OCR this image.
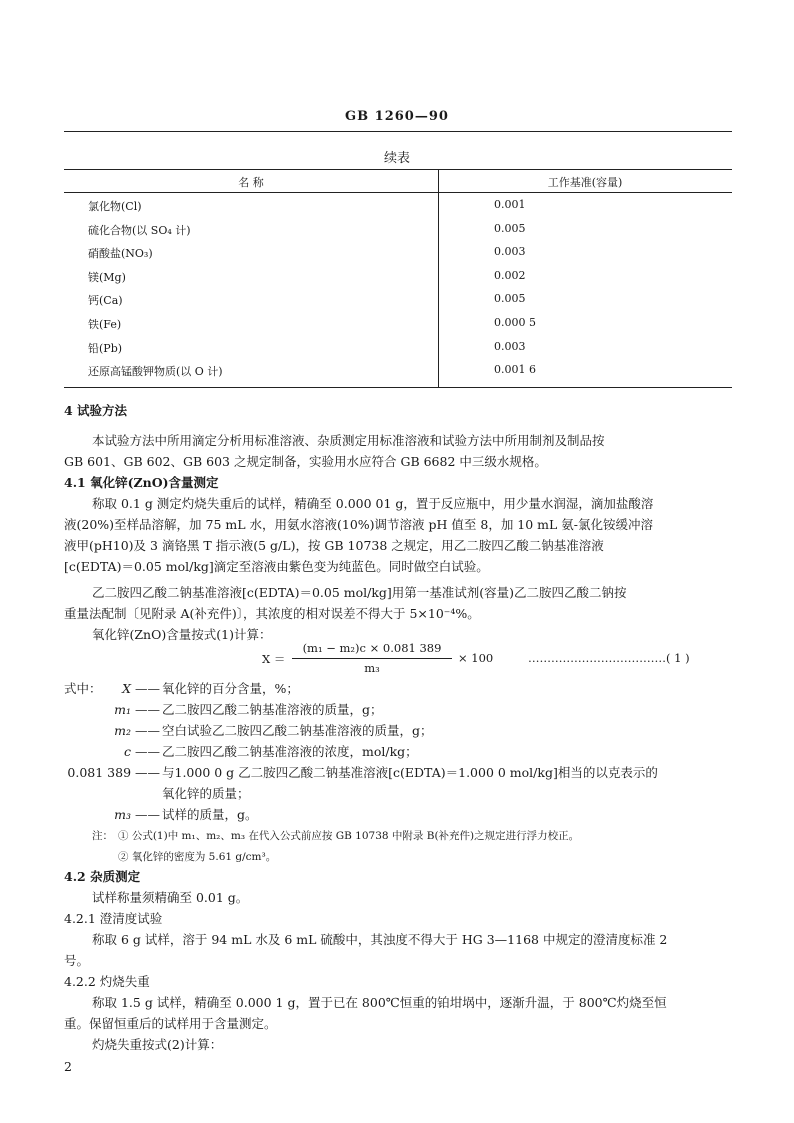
GB 1260—90
续表
名 称	工作基准(容量)
氯化物(Cl)	0.001
硫化合物(以 SO₄ 计)	0.005
硝酸盐(NO₃)	0.003
镁(Mg)	0.002
钙(Ca)	0.005
铁(Fe)	0.000 5
铅(Pb)	0.003
还原高锰酸钾物质(以 O 计)	0.001 6
4 试验方法
本试验方法中所用滴定分析用标准溶液、杂质测定用标准溶液和试验方法中所用制剂及制品按
GB 601、GB 602、GB 603 之规定制备，实验用水应符合 GB 6682 中三级水规格。
4.1 氧化锌(ZnO)含量测定
称取 0.1 g 测定灼烧失重后的试样，精确至 0.000 01 g，置于反应瓶中，用少量水润湿，滴加盐酸溶
液(20%)至样品溶解，加 75 mL 水，用氨水溶液(10%)调节溶液 pH 值至 8，加 10 mL 氨-氯化铵缓冲溶
液甲(pH10)及 3 滴铬黑 T 指示液(5 g/L)，按 GB 10738 之规定，用乙二胺四乙酸二钠基准溶液
[c(EDTA)＝0.05 mol/kg]滴定至溶液由紫色变为纯蓝色。同时做空白试验。
乙二胺四乙酸二钠基准溶液[c(EDTA)＝0.05 mol/kg]用第一基准试剂(容量)乙二胺四乙酸二钠按
重量法配制〔见附录 A(补充件)〕，其浓度的相对误差不得大于 5×10⁻⁴%。
氧化锌(ZnO)含量按式(1)计算：
X ＝
(m₁ − m₂)c × 0.081 389
m₃
× 100	………………………………( 1 )
式中：	X —— 氧化锌的百分含量，%；
m₁ —— 乙二胺四乙酸二钠基准溶液的质量，g；
m₂ —— 空白试验乙二胺四乙酸二钠基准溶液的质量，g；
c —— 乙二胺四乙酸二钠基准溶液的浓度，mol/kg；
0.081 389 —— 与1.000 0 g 乙二胺四乙酸二钠基准溶液[c(EDTA)＝1.000 0 mol/kg]相当的以克表示的
氧化锌的质量；
m₃ —— 试样的质量，g。
注： ① 公式(1)中 m₁、m₂、m₃ 在代入公式前应按 GB 10738 中附录 B(补充件)之规定进行浮力校正。
② 氧化锌的密度为 5.61 g/cm³。
4.2 杂质测定
试样称量须精确至 0.01 g。
4.2.1 澄清度试验
称取 6 g 试样，溶于 94 mL 水及 6 mL 硫酸中，其浊度不得大于 HG 3—1168 中规定的澄清度标准 2
号。
4.2.2 灼烧失重
称取 1.5 g 试样，精确至 0.000 1 g，置于已在 800℃恒重的铂坩埚中，逐渐升温，于 800℃灼烧至恒
重。保留恒重后的试样用于含量测定。
灼烧失重按式(2)计算：
2
